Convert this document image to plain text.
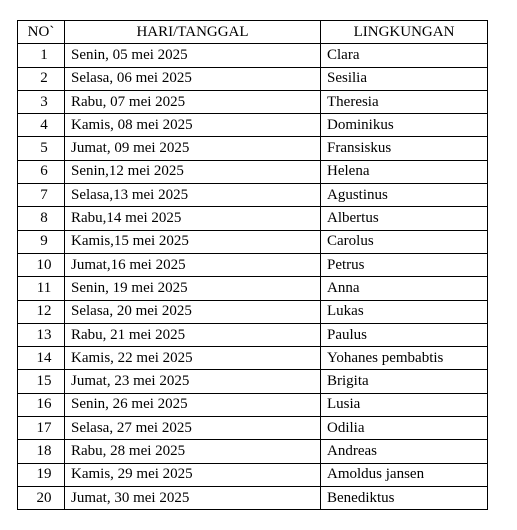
NO`	HARI/TANGGAL	LINGKUNGAN
1	Senin, 05 mei 2025	Clara
2	Selasa, 06 mei 2025	Sesilia
3	Rabu, 07 mei 2025	Theresia
4	Kamis, 08 mei 2025	Dominikus
5	Jumat, 09 mei 2025	Fransiskus
6	Senin,12 mei 2025	Helena
7	Selasa,13 mei 2025	Agustinus
8	Rabu,14 mei 2025	Albertus
9	Kamis,15 mei 2025	Carolus
10	Jumat,16 mei 2025	Petrus
11	Senin, 19 mei 2025	Anna
12	Selasa, 20 mei 2025	Lukas
13	Rabu, 21 mei 2025	Paulus
14	Kamis, 22 mei 2025	Yohanes pembabtis
15	Jumat, 23 mei 2025	Brigita
16	Senin, 26 mei 2025	Lusia
17	Selasa, 27 mei 2025	Odilia
18	Rabu, 28 mei 2025	Andreas
19	Kamis, 29 mei 2025	Amoldus jansen
20	Jumat, 30 mei 2025	Benediktus
